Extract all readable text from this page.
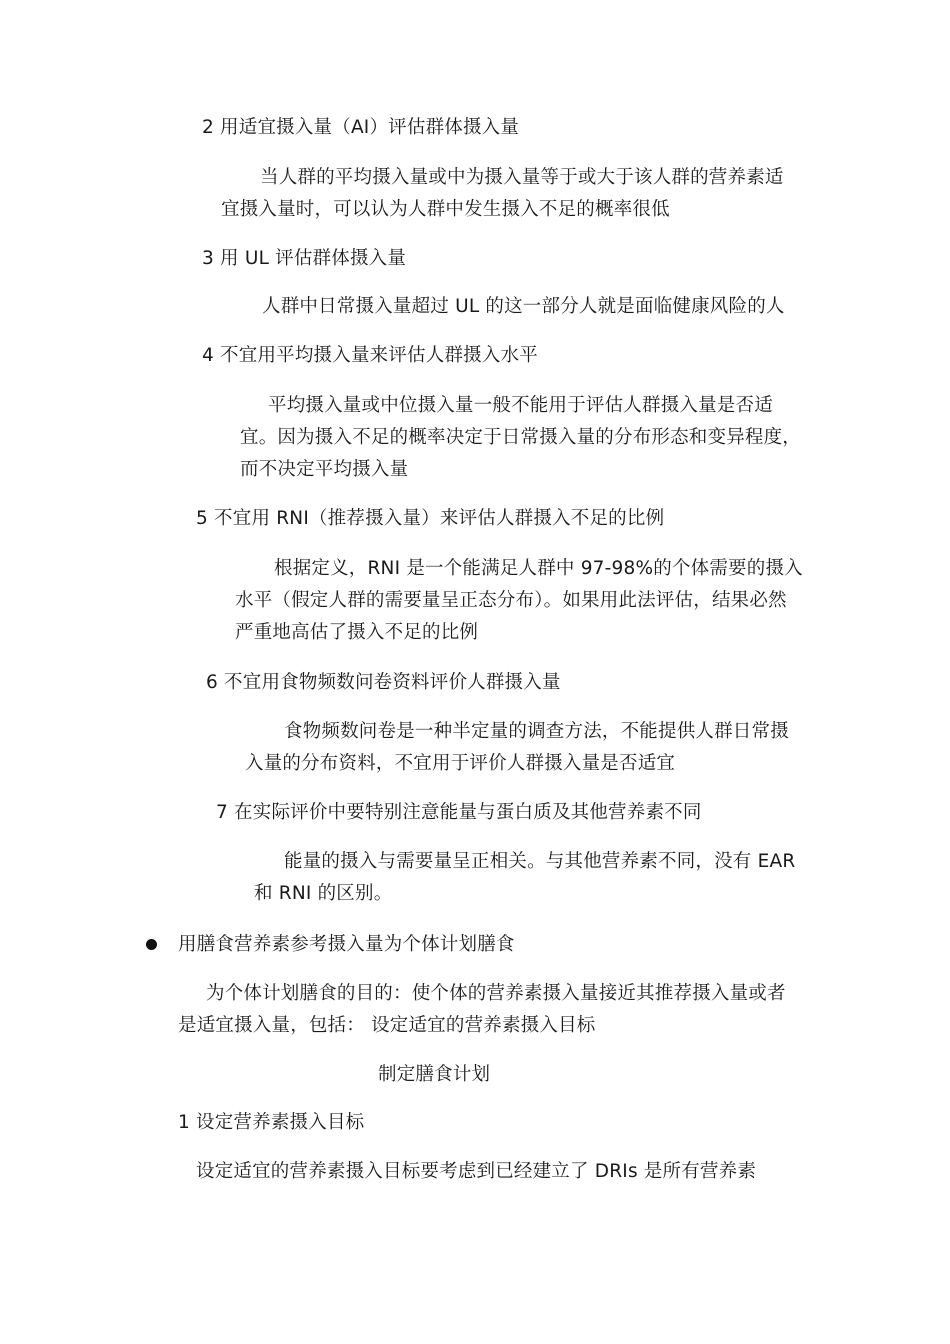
2 用适宜摄入量（AI）评估群体摄入量
当人群的平均摄入量或中为摄入量等于或大于该人群的营养素适
宜摄入量时，可以认为人群中发生摄入不足的概率很低
3 用 UL 评估群体摄入量
人群中日常摄入量超过 UL 的这一部分人就是面临健康风险的人
4 不宜用平均摄入量来评估人群摄入水平
平均摄入量或中位摄入量一般不能用于评估人群摄入量是否适
宜。因为摄入不足的概率决定于日常摄入量的分布形态和变异程度，
而不决定平均摄入量
5 不宜用 RNI（推荐摄入量）来评估人群摄入不足的比例
根据定义，RNI 是一个能满足人群中 97-98%的个体需要的摄入
水平（假定人群的需要量呈正态分布）。如果用此法评估，结果必然
严重地高估了摄入不足的比例
6 不宜用食物频数问卷资料评价人群摄入量
食物频数问卷是一种半定量的调查方法，不能提供人群日常摄
入量的分布资料，不宜用于评价人群摄入量是否适宜
7 在实际评价中要特别注意能量与蛋白质及其他营养素不同
能量的摄入与需要量呈正相关。与其他营养素不同，没有 EAR
和 RNI 的区别。
用膳食营养素参考摄入量为个体计划膳食
为个体计划膳食的目的：使个体的营养素摄入量接近其推荐摄入量或者
是适宜摄入量，包括： 设定适宜的营养素摄入目标
制定膳食计划
1 设定营养素摄入目标
设定适宜的营养素摄入目标要考虑到已经建立了 DRIs 是所有营养素
